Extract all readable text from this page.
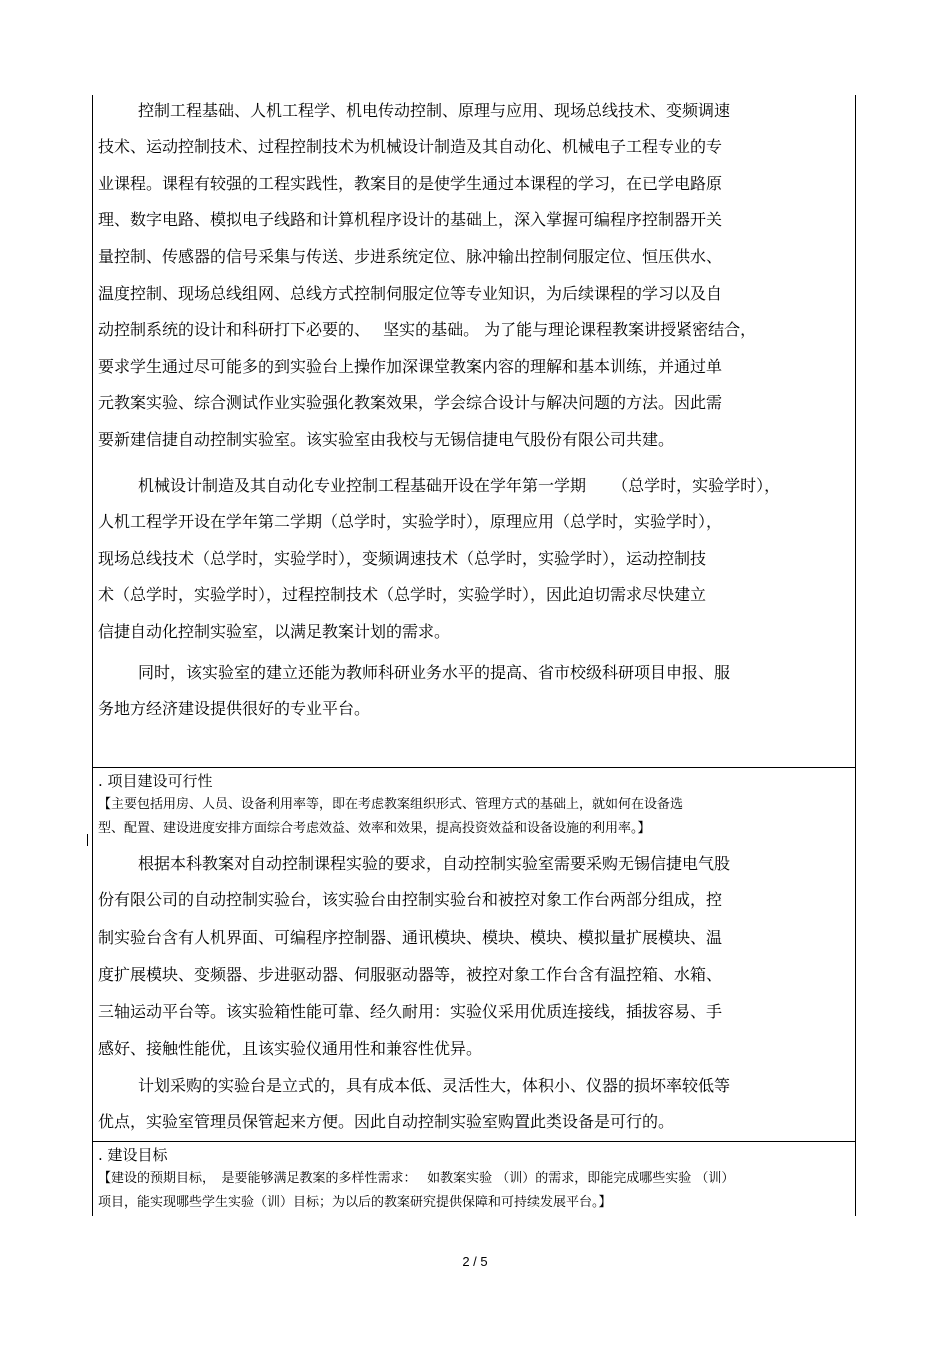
控制工程基础、人机工程学、机电传动控制、原理与应用、现场总线技术、变频调速
技术、运动控制技术、过程控制技术为机械设计制造及其自动化、机械电子工程专业的专
业课程。课程有较强的工程实践性，教案目的是使学生通过本课程的学习，在已学电路原
理、数字电路、模拟电子线路和计算机程序设计的基础上，深入掌握可编程序控制器开关
量控制、传感器的信号采集与传送、步进系统定位、脉冲输出控制伺服定位、恒压供水、
温度控制、现场总线组网、总线方式控制伺服定位等专业知识，为后续课程的学习以及自
动控制系统的设计和科研打下必要的、　 坚实的基础。 为了能与理论课程教案讲授紧密结合，
要求学生通过尽可能多的到实验台上操作加深课堂教案内容的理解和基本训练，并通过单
元教案实验、综合测试作业实验强化教案效果，学会综合设计与解决问题的方法。因此需
要新建信捷自动控制实验室。该实验室由我校与无锡信捷电气股份有限公司共建。
机械设计制造及其自动化专业控制工程基础开设在学年第一学期 　 （总学时，实验学时），
人机工程学开设在学年第二学期（总学时，实验学时），原理应用（总学时，实验学时），
现场总线技术（总学时，实验学时），变频调速技术（总学时，实验学时），运动控制技
术（总学时，实验学时），过程控制技术（总学时，实验学时），因此迫切需求尽快建立
信捷自动化控制实验室，以满足教案计划的需求。
同时，该实验室的建立还能为教师科研业务水平的提高、省市校级科研项目申报、服
务地方经济建设提供很好的专业平台。
. 项目建设可行性
【主要包括用房、人员、设备利用率等，即在考虑教案组织形式、管理方式的基础上，就如何在设备选
型、配置、建设进度安排方面综合考虑效益、效率和效果，提高投资效益和设备设施的利用率。】
根据本科教案对自动控制课程实验的要求，自动控制实验室需要采购无锡信捷电气股
份有限公司的自动控制实验台，该实验台由控制实验台和被控对象工作台两部分组成，控
制实验台含有人机界面、可编程序控制器、通讯模块、模块、模块、模拟量扩展模块、温
度扩展模块、变频器、步进驱动器、伺服驱动器等，被控对象工作台含有温控箱、水箱、
三轴运动平台等。该实验箱性能可靠、经久耐用：实验仪采用优质连接线，插拔容易、手
感好、接触性能优，且该实验仪通用性和兼容性优异。
计划采购的实验台是立式的，具有成本低、灵活性大，体积小、仪器的损坏率较低等
优点，实验室管理员保管起来方便。因此自动控制实验室购置此类设备是可行的。
. 建设目标
【建设的预期目标，　是要能够满足教案的多样性需求：　 如教案实验 （训）的需求，即能完成哪些实验 （训）
项目，能实现哪些学生实验（训）目标；为以后的教案研究提供保障和可持续发展平台。】
2 / 5
